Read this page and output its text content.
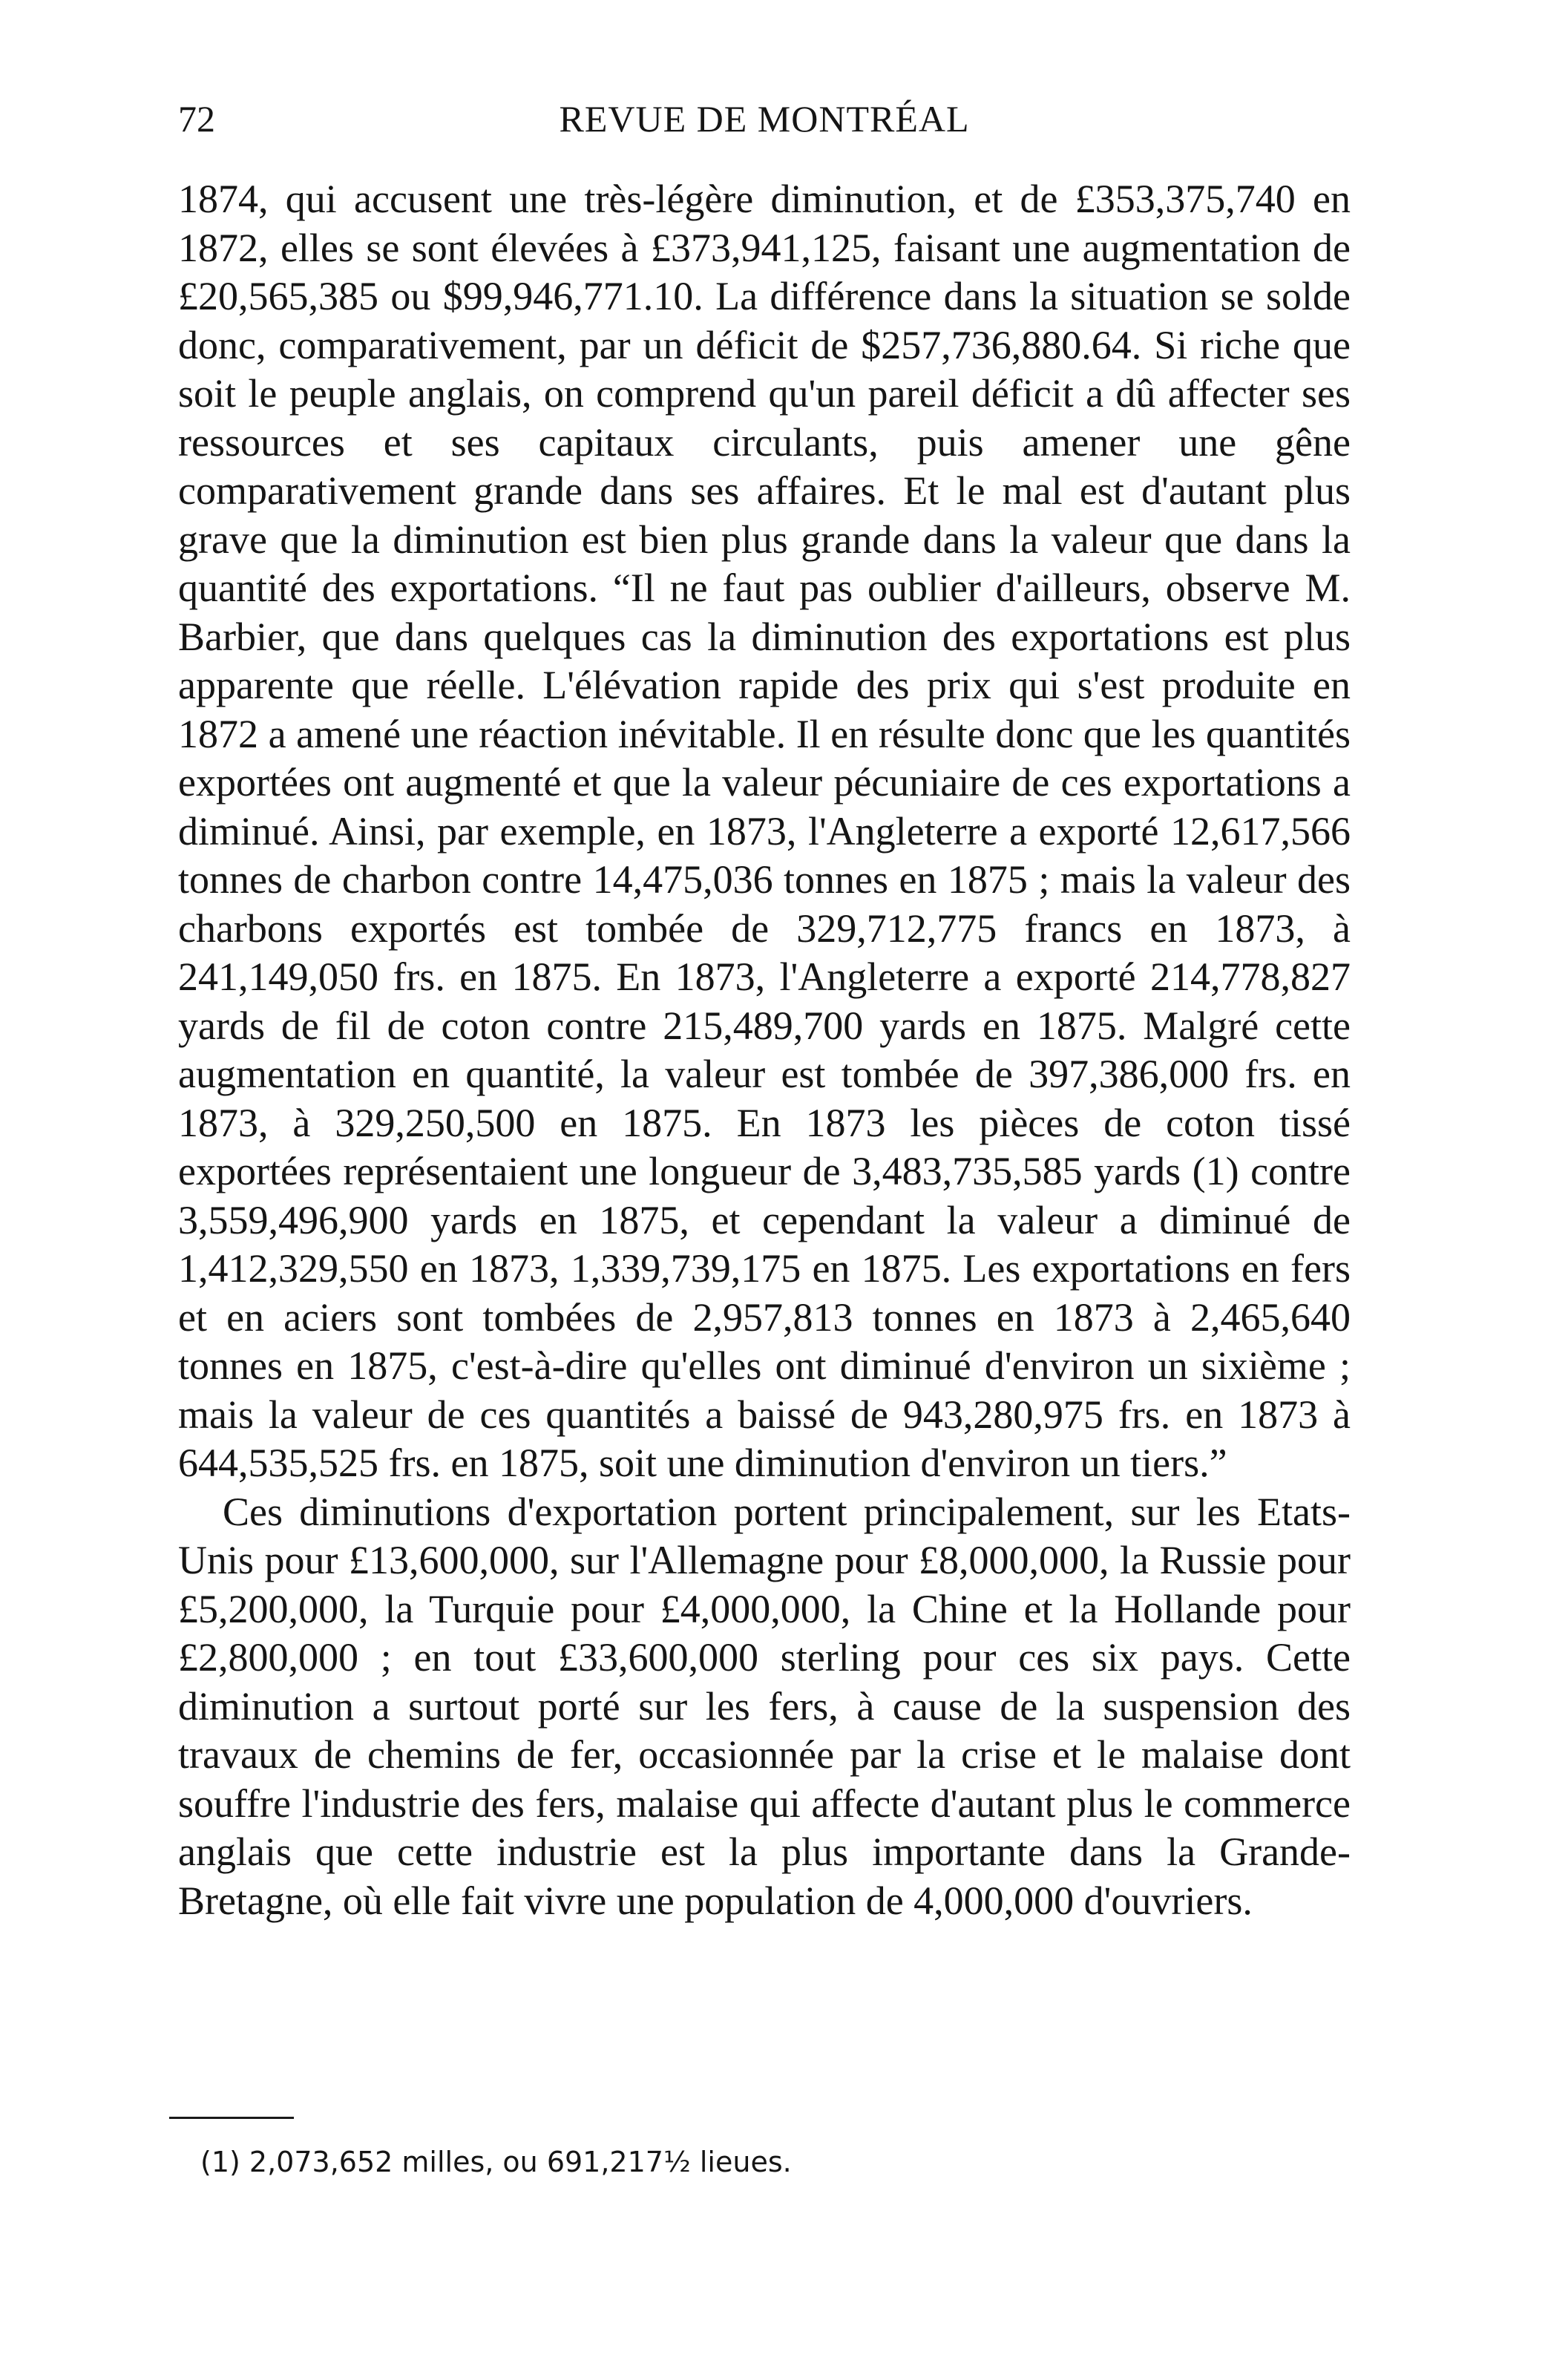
72	REVUE DE MONTRÉAL

1874, qui accusent une très-légère diminution, et de £353,375,740 en 1872, elles se sont élevées à £373,941,125, faisant une augmentation de £20,565,385 ou $99,946,771.10. La différence dans la situation se solde donc, comparativement, par un déficit de $257,736,880.64. Si riche que soit le peuple anglais, on comprend qu'un pareil déficit a dû affecter ses ressources et ses capitaux circulants, puis amener une gêne comparativement grande dans ses affaires. Et le mal est d'autant plus grave que la diminution est bien plus grande dans la valeur que dans la quantité des exportations. “Il ne faut pas oublier d'ailleurs, observe M. Barbier, que dans quelques cas la diminution des exportations est plus apparente que réelle. L'élévation rapide des prix qui s'est produite en 1872 a amené une réaction inévitable. Il en résulte donc que les quantités exportées ont augmenté et que la valeur pécuniaire de ces exportations a diminué. Ainsi, par exemple, en 1873, l'Angleterre a exporté 12,617,566 tonnes de charbon contre 14,475,036 tonnes en 1875 ; mais la valeur des charbons exportés est tombée de 329,712,775 francs en 1873, à 241,149,050 frs. en 1875. En 1873, l'Angleterre a exporté 214,778,827 yards de fil de coton contre 215,489,700 yards en 1875. Malgré cette augmentation en quantité, la valeur est tombée de 397,386,000 frs. en 1873, à 329,250,500 en 1875. En 1873 les pièces de coton tissé exportées représentaient une longueur de 3,483,735,585 yards (1) contre 3,559,496,900 yards en 1875, et cependant la valeur a diminué de 1,412,329,550 en 1873, 1,339,739,175 en 1875. Les exportations en fers et en aciers sont tombées de 2,957,813 tonnes en 1873 à 2,465,640 tonnes en 1875, c'est-à-dire qu'elles ont diminué d'environ un sixième ; mais la valeur de ces quantités a baissé de 943,280,975 frs. en 1873 à 644,535,525 frs. en 1875, soit une diminution d'environ un tiers.”

Ces diminutions d'exportation portent principalement, sur les Etats-Unis pour £13,600,000, sur l'Allemagne pour £8,000,000, la Russie pour £5,200,000, la Turquie pour £4,000,000, la Chine et la Hollande pour £2,800,000 ; en tout £33,600,000 sterling pour ces six pays. Cette diminution a surtout porté sur les fers, à cause de la suspension des travaux de chemins de fer, occasionnée par la crise et le malaise dont souffre l'industrie des fers, malaise qui affecte d'autant plus le commerce anglais que cette industrie est la plus importante dans la Grande-Bretagne, où elle fait vivre une population de 4,000,000 d'ouvriers.

(1) 2,073,652 milles, ou 691,217½ lieues.
